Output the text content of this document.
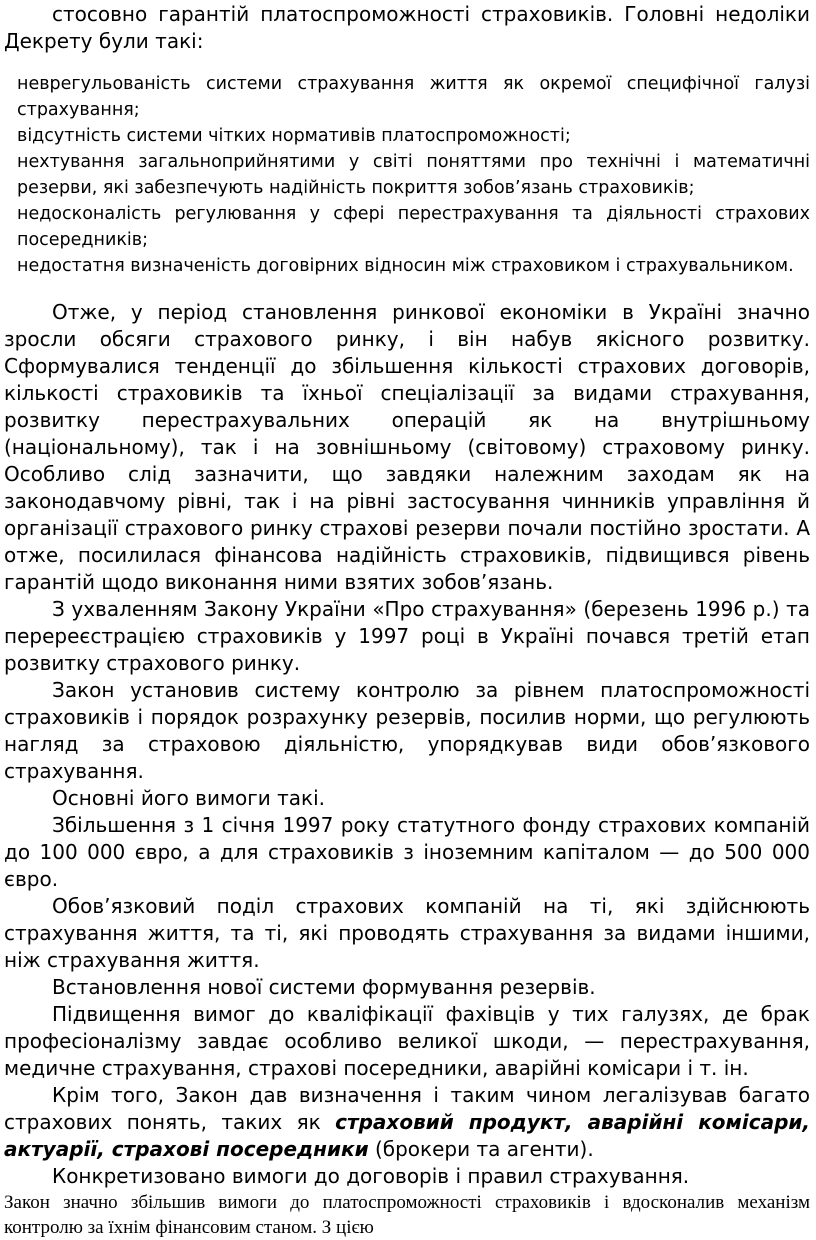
стосовно гарантій платоспроможності страховиків. Головні недоліки Декрету були такі:

неврегульованість системи страхування життя як окремої специфічної галузі страхування;
відсутність системи чітких нормативів платоспроможності;
нехтування загальноприйнятими у світі поняттями про технічні і математичні резерви, які забезпечують надійність покриття зобов’язань страховиків;
недосконалість регулювання у сфері перестрахування та діяльності страхових посередників;
недостатня визначеність договірних відносин між страховиком і страхувальником.

Отже, у період становлення ринкової економіки в Україні значно зросли обсяги страхового ринку, і він набув якісного розвитку. Сформувалися тенденції до збільшення кількості страхових договорів, кількості страховиків та їхньої спеціалізації за видами страхування, розвитку перестрахувальних операцій як на внутрішньому (національному), так і на зовнішньому (світовому) страховому ринку. Особливо слід зазначити, що завдяки належним заходам як на законодавчому рівні, так і на рівні застосування чинників управління й організації страхового ринку страхові резерви почали постійно зростати. А отже, посилилася фінансова надійність страховиків, підвищився рівень гарантій щодо виконання ними взятих зобов’язань.

З ухваленням Закону України «Про страхування» (березень 1996 р.) та перереєстрацією страховиків у 1997 році в Україні почався третій етап розвитку страхового ринку.

Закон установив систему контролю за рівнем платоспроможності страховиків і порядок розрахунку резервів, посилив норми, що регулюють нагляд за страховою діяльністю, упорядкував види обов’язкового страхування.

Основні його вимоги такі.

Збільшення з 1 січня 1997 року статутного фонду страхових компаній до 100 000 євро, а для страховиків з іноземним капіталом — до 500 000 євро.

Обов’язковий поділ страхових компаній на ті, які здійснюють страхування життя, та ті, які проводять страхування за видами іншими, ніж страхування життя.

Встановлення нової системи формування резервів.

Підвищення вимог до кваліфікації фахівців у тих галузях, де брак професіоналізму завдає особливо великої шкоди, — перестрахування, медичне страхування, страхові посередники, аварійні комісари і т. ін.

Крім того, Закон дав визначення і таким чином легалізував багато страхових понять, таких як страховий продукт, аварійні комісари, актуарії, страхові посередники (брокери та агенти).

Конкретизовано вимоги до договорів і правил страхування.

Закон значно збільшив вимоги до платоспроможності страховиків і вдосконалив механізм контролю за їхнім фінансовим станом. З цією
